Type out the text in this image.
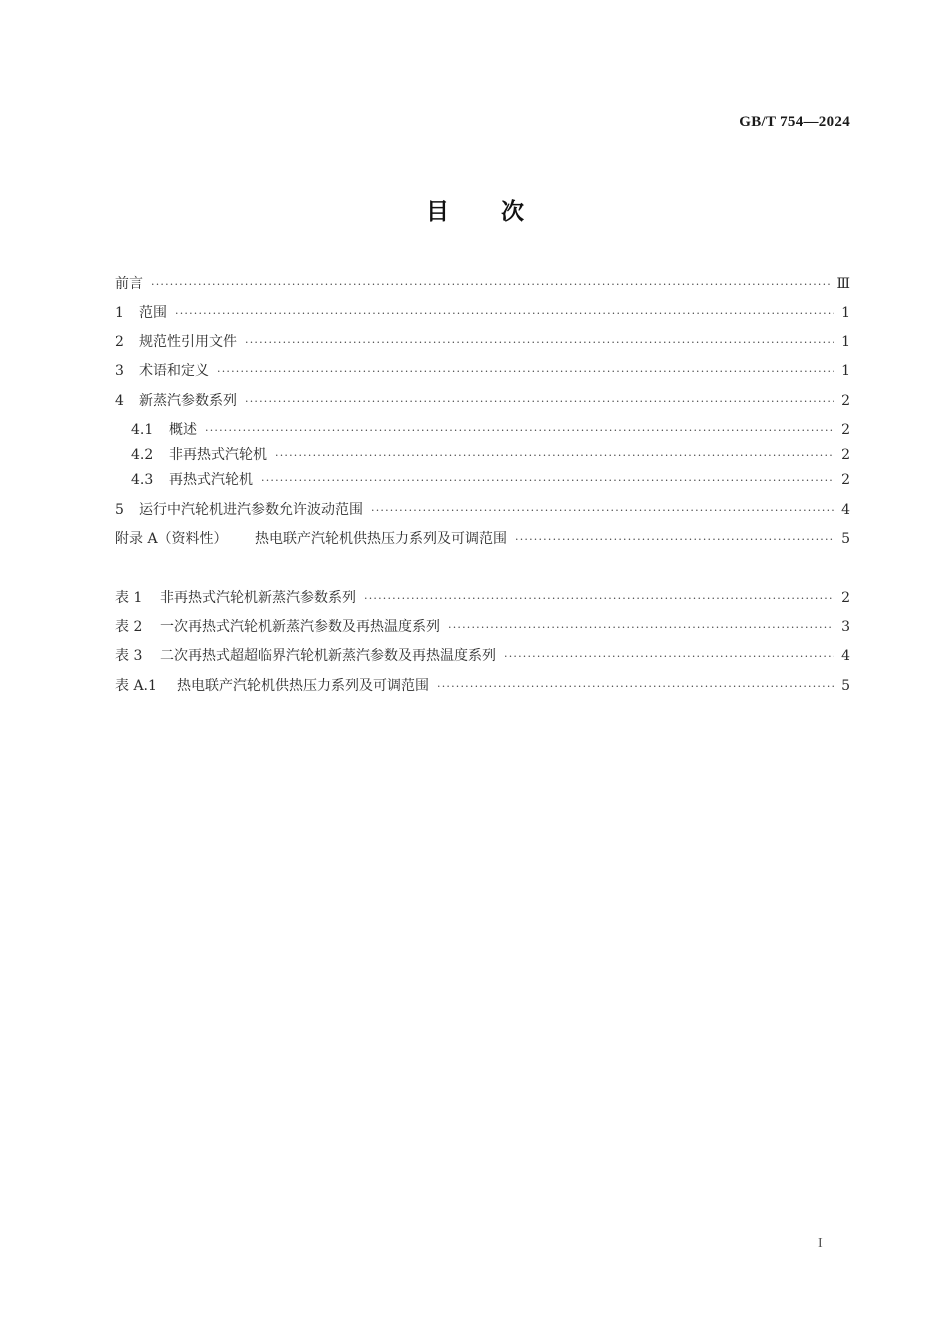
GB/T 754—2024
目 次
前言 ·····	Ⅲ
1	范围 ·····	1
2	规范性引用文件 ·····	1
3	术语和定义 ·····	1
4	新蒸汽参数系列 ·····	2
4.1	概述 ·····	2
4.2	非再热式汽轮机 ·····	2
4.3	再热式汽轮机 ·····	2
5	运行中汽轮机进汽参数允许波动范围 ·····	4
附录 A（资料性）	热电联产汽轮机供热压力系列及可调范围 ·····	5
表 1	非再热式汽轮机新蒸汽参数系列 ·····	2
表 2	一次再热式汽轮机新蒸汽参数及再热温度系列 ·····	3
表 3	二次再热式超超临界汽轮机新蒸汽参数及再热温度系列 ·····	4
表 A.1	热电联产汽轮机供热压力系列及可调范围 ·····	5
I
